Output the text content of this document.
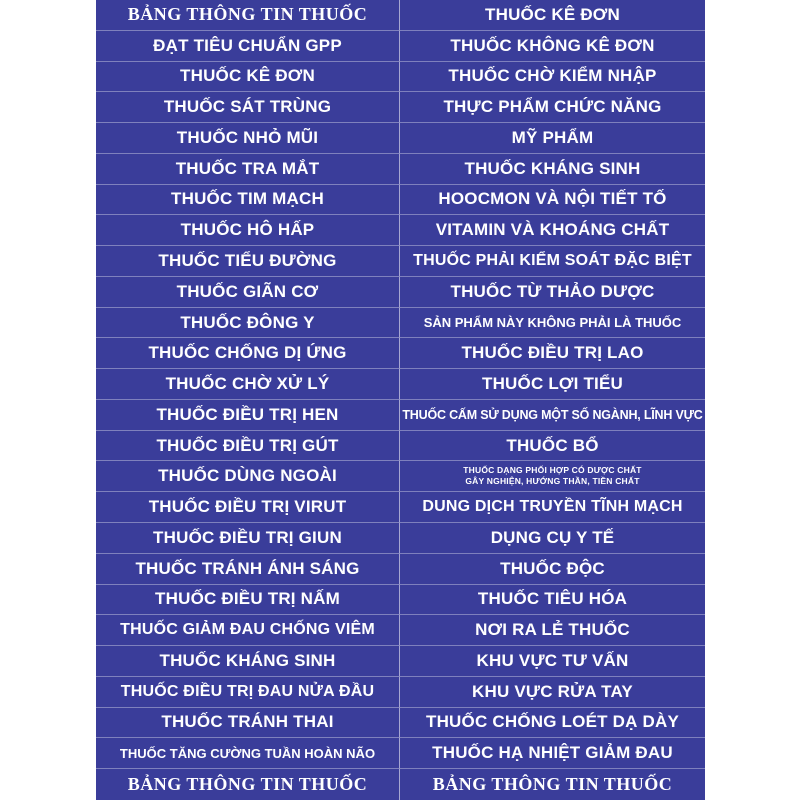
BẢNG THÔNG TIN THUỐC	THUỐC KÊ ĐƠN
ĐẠT TIÊU CHUẨN GPP	THUỐC KHÔNG KÊ ĐƠN
THUỐC KÊ ĐƠN	THUỐC CHỜ KIỂM NHẬP
THUỐC SÁT TRÙNG	THỰC PHẨM CHỨC NĂNG
THUỐC NHỎ MŨI	MỸ PHẨM
THUỐC TRA MẮT	THUỐC KHÁNG SINH
THUỐC TIM MẠCH	HOOCMON VÀ NỘI TIẾT TỐ
THUỐC HÔ HẤP	VITAMIN VÀ KHOÁNG CHẤT
THUỐC TIỂU ĐƯỜNG	THUỐC PHẢI KIỂM SOÁT ĐẶC BIỆT
THUỐC GIÃN CƠ	THUỐC TỪ THẢO DƯỢC
THUỐC ĐÔNG Y	SẢN PHẨM NÀY KHÔNG PHẢI LÀ THUỐC
THUỐC CHỐNG DỊ ỨNG	THUỐC ĐIỀU TRỊ LAO
THUỐC CHỜ XỬ LÝ	THUỐC LỢI TIỂU
THUỐC ĐIỀU TRỊ HEN	THUỐC CẤM SỬ DỤNG MỘT SỐ NGÀNH, LĨNH VỰC
THUỐC ĐIỀU TRỊ GÚT	THUỐC BỔ
THUỐC DÙNG NGOÀI	THUỐC DẠNG PHỐI HỢP CÓ DƯỢC CHẤT
GÂY NGHIỆN, HƯỚNG THẦN, TIỀN CHẤT
THUỐC ĐIỀU TRỊ VIRUT	DUNG DỊCH TRUYỀN TĨNH MẠCH
THUỐC ĐIỀU TRỊ GIUN	DỤNG CỤ Y TẾ
THUỐC TRÁNH ÁNH SÁNG	THUỐC ĐỘC
THUỐC ĐIỀU TRỊ NẤM	THUỐC TIÊU HÓA
THUỐC GIẢM ĐAU CHỐNG VIÊM	NƠI RA LẺ THUỐC
THUỐC KHÁNG SINH	KHU VỰC TƯ VẤN
THUỐC ĐIỀU TRỊ ĐAU NỬA ĐẦU	KHU VỰC RỬA TAY
THUỐC TRÁNH THAI	THUỐC CHỐNG LOÉT DẠ DÀY
THUỐC TĂNG CƯỜNG TUẦN HOÀN NÃO	THUỐC HẠ NHIỆT GIẢM ĐAU
BẢNG THÔNG TIN THUỐC	BẢNG THÔNG TIN THUỐC
